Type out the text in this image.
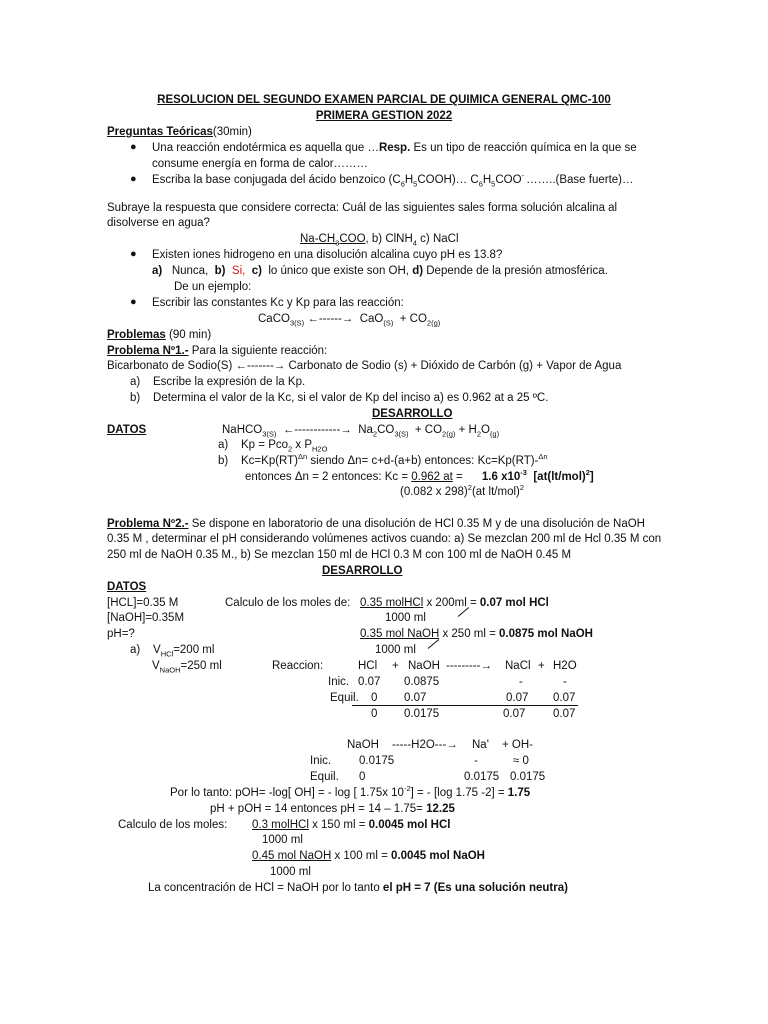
RESOLUCION DEL SEGUNDO EXAMEN PARCIAL DE QUIMICA GENERAL QMC-100
PRIMERA GESTION 2022
Preguntas Teóricas(30min)
● Una reacción endotérmica es aquella que …Resp. Es un tipo de reacción química en la que se
consume energía en forma de calor………
● Escriba la base conjugada del ácido benzoico $(C_6H_5COOH)\dots$ $C_6H_5COO^-$ ……..(Base fuerte)…
Subraye la respuesta que considere correcta: Cuál de las siguientes sales forma solución alcalina al
disolverse en agua?
$Na-CH_3COO$, b) ClNH$_4$ c) NaCl
● Existen iones hidrogeno en una disolución alcalina cuyo pH es 13.8?
a) Nunca, b) Si, c) lo único que existe son OH, d) Depende de la presión atmosférica.
De un ejemplo:
● Escribir las constantes Kc y Kp para las reacción:
CaCO$_{3(S)}$ ←------→ $CaO_{(S)} + CO_{2(g)}$
Problemas (90 min)
Problema Nº1.- Para la siguiente reacción:
Bicarbonato de Sodio(S) ←-------→ Carbonato de Sodio (s) + Dióxido de Carbón (g) + Vapor de Agua
a) Escribe la expresión de la Kp.
b) Determina el valor de la Kc, si el valor de Kp del inciso a) es 0.962 at a 25 ºC.
DESARROLLO
DATOS	NaHCO$_{3(S)}$ ←------------→ $Na_2CO_{3(S)} + CO_{2(g)} + H_2O_{(g)}$
a) Kp = Pco$_2$ x $P_{H2O}$
b) Kc=Kp(RT)$^{\Delta n}$ siendo Δn= c+d-(a+b) entonces: Kc=Kp(RT)-$^{\Delta n}$
entonces Δn = 2 entonces: Kc = 0.962 at = 1.6 $x10^{-3}$ $[at(lt/mol)^2]$
(0.082 x 298)$^2$(at lt/mol)$^2$
Problema Nº2.- Se dispone en laboratorio de una disolución de HCl 0.35 M y de una disolución de NaOH
0.35 M , determinar el pH considerando volúmenes activos cuando: a) Se mezclan 200 ml de Hcl 0.35 M con
250 ml de NaOH 0.35 M., b) Se mezclan 150 ml de HCl 0.3 M con 100 ml de NaOH 0.45 M
DESARROLLO
DATOS
[HCL]=0.35 M
[NaOH]=0.35M
pH=?
a) $V_{HCl}=200$ ml
$V_{NaOH}=250$ ml
Calculo de los moles de: 0.35 molHCl x 200ml = 0.07 mol HCl
1000 ml
0.35 mol NaOH x 250 ml = 0.0875 mol NaOH
1000 ml
Reaccion:	HCl + NaOH ---------→ NaCl + H2O
Inic. 0.07 0.0875	-	-
Equil. 0 0.07	0.07 0.07
0 0.0175	0.07 0.07
NaOH -----H2O---→ Na' + OH-
Inic. 0.0175	-	≈ 0
Equil. 0	0.0175 0.0175
Por lo tanto: pOH= -log[ OH] = - log [ 1.75x $10^{-2}$] = - [log 1.75 -2] = 1.75
pH + pOH = 14 entonces pH = 14 – 1.75= 12.25
Calculo de los moles: 0.3 molHCl x 150 ml = 0.0045 mol HCl
1000 ml
0.45 mol NaOH x 100 ml = 0.0045 mol NaOH
1000 ml
La concentración de HCl = NaOH por lo tanto el pH = 7 (Es una solución neutra)
